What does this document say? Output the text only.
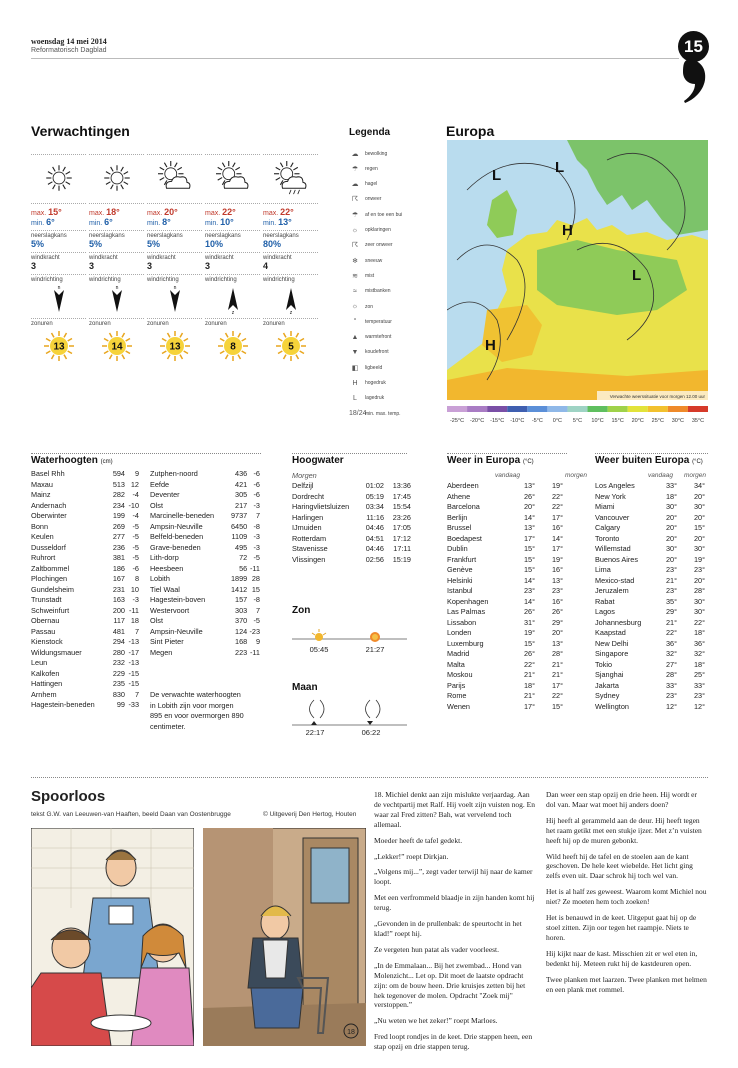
woensdag 14 mei 2014
Reformatorisch Dagblad	15
Verwachtingen
max. 15°
min. 6°
neerslagkans
5%
windkracht
3
windrichting
n
zonuren
13
max. 18°
min. 6°
neerslagkans
5%
windkracht
3
windrichting
n
zonuren
14
max. 20°
min. 8°
neerslagkans
5%
windkracht
3
windrichting
n
zonuren
13
max. 22°
min. 10°
neerslagkans
10%
windkracht
3
windrichting
z
zonuren
8
max. 22°
min. 13°
neerslagkans
80%
windkracht
4
windrichting
z
zonuren
5
Legenda
☁	bewolking
☂	regen
☁	hagel
☈	onweer
☂	af en toe een bui
☼	opklaringen
☈	zeer onweer
❄	sneeuw
≋	mist
≈	mistbanken
☼	zon
°	temperatuur
▲	warmtefront
▼	koudefront
◧	ligbeeld
H	hogedruk
L	lagedruk
18/24
min. max. temp.
Europa
L	L
H
L
H
Verwachte weerssituatie voor morgen 12.00 uur
-25°C -20°C -15°C -10°C -5°C 0°C 5°C 10°C 15°C 20°C 25°C 30°C 35°C
Waterhoogten (cm)
Basel Rhh	594	9
Maxau	513 12
Mainz	282	-4
Andernach	234 -10
Oberwinter	199	-4
Bonn	269	-5
Keulen	277	-5
Dusseldorf	236	-5
Ruhrort	381	-5
Zaltbommel	186	-6
Plochingen	167	8
Gundelsheim	231 10
Trunstadt	163	-3
Schweinfurt	200 -11
Obernau	117 18
Passau	481	7
Kienstock	294 -13
Wildungsmauer	280 -17
Leun	232 -13
Kalkofen	229 -15
Hattingen	235 -15
Arnhem	830	7
Hagestein-beneden	99 -33
Zutphen-noord	436 -6
Eefde	421 -6
Deventer	305 -6
Olst	217 -3
Marcinelle-beneden	9737	7
Ampsin-Neuville	6450 -8
Belfeld-beneden	1109 -3
Grave-beneden	495 -3
Lith-dorp	72 -5
Heesbeen	56 -11
Lobith	1899 28
Tiel Waal	1412 15
Hagestein-boven	157 -8
Westervoort	303	7
Olst	370 -5
Ampsin-Neuville	124 -23
Sint Pieter	168	9
Megen	223 -11
De verwachte waterhoogten
in Lobith zijn voor morgen
895 en voor overmorgen 890
centimeter.
Hoogwater
Morgen
Delfzijl	01:02	13:36
Dordrecht	05:19	17:45
Haringvlietsluizen	03:34	15:54
Harlingen	11:16	23:26
IJmuiden	04:46	17:05
Rotterdam	04:51	17:12
Stavenisse	04:46	17:11
Vlissingen	02:56	15:19
Zon
05:45	21:27
Maan
22:17	06:22
Weer in Europa (°C)
vandaag	morgen
Aberdeen	13°	19°
Athene	26°	22°
Barcelona	20°	22°
Berlijn	14°	17°
Brussel	13°	16°
Boedapest	17°	14°
Dublin	15°	17°
Frankfurt	15°	19°
Genève	15°	16°
Helsinki	14°	13°
Istanbul	23°	23°
Kopenhagen	14°	16°
Las Palmas	26°	26°
Lissabon	31°	29°
Londen	19°	20°
Luxemburg	15°	13°
Madrid	26°	28°
Malta	22°	21°
Moskou	21°	21°
Parijs	18°	17°
Rome	21°	22°
Wenen	17°	15°
Weer buiten Europa (°C)
vandaag morgen
Los Angeles	33°	34°
New York	18°	20°
Miami	30°	30°
Vancouver	20°	20°
Calgary	20°	15°
Toronto	20°	20°
Willemstad	30°	30°
Buenos Aires	20°	19°
Lima	23°	23°
Mexico-stad	21°	20°
Jeruzalem	23°	28°
Rabat	35°	30°
Lagos	29°	30°
Johannesburg	21°	22°
Kaapstad	22°	18°
New Delhi	36°	36°
Singapore	32°	32°
Tokio	27°	18°
Sjanghai	28°	25°
Jakarta	33°	33°
Sydney	23°	23°
Wellington	12°	12°
Spoorloos
tekst G.W. van Leeuwen-van Haaften, beeld Daan van Oostenbrugge	© Uitgeverij Den Hertog, Houten
18

18. Michiel denkt aan zijn mislukte verjaardag. Aan de vechtpartij met Ralf. Hij voelt zijn vuisten nog. En waar zal Fred zitten? Bah, wat vervelend toch allemaal.

Moeder heeft de tafel gedekt.

„Lekker!” roept Dirkjan.

„Volgens mij...”, zegt vader terwijl hij naar de kamer loopt.

Met een verfrommeld blaadje in zijn handen komt hij terug.

„Gevonden in de prullenbak: de speurtocht in het klad!” roept hij.

Ze vergeten hun patat als vader voorleest.

„In de Emmalaan... Bij het zwembad... Hond van Molenzicht... Let op. Dit moet de laatste opdracht zijn: om de bouw heen. Drie kruisjes zetten bij het hek tegenover de molen. Opdracht "Zoek mij" verstoppen.”

„Nu weten we het zeker!” roept Marloes.

Fred loopt rondjes in de keet. Drie stappen heen, een stap opzij en drie stappen terug.

Dan weer een stap opzij en drie heen. Hij wordt er dol van. Maar wat moet hij anders doen?

Hij heeft al gerammeld aan de deur. Hij heeft tegen het raam getikt met een stukje ijzer. Met z’n vuisten heeft hij op de muren gebonkt.

Wild heeft hij de tafel en de stoelen aan de kant geschoven. De hele keet wiebelde. Het licht ging zelfs even uit. Daar schrok hij toch wel van.

Het is al half zes geweest. Waarom komt Michiel nou niet? Ze moeten hem toch zoeken!

Het is benauwd in de keet. Uitgeput gaat hij op de stoel zitten. Zijn oor tegen het raampje. Niets te horen.

Hij kijkt naar de kast. Misschien zit er wel eten in, bedenkt hij. Meteen rukt hij de kastdeuren open.

Twee planken met laarzen. Twee planken met helmen en een plank met rommel.
